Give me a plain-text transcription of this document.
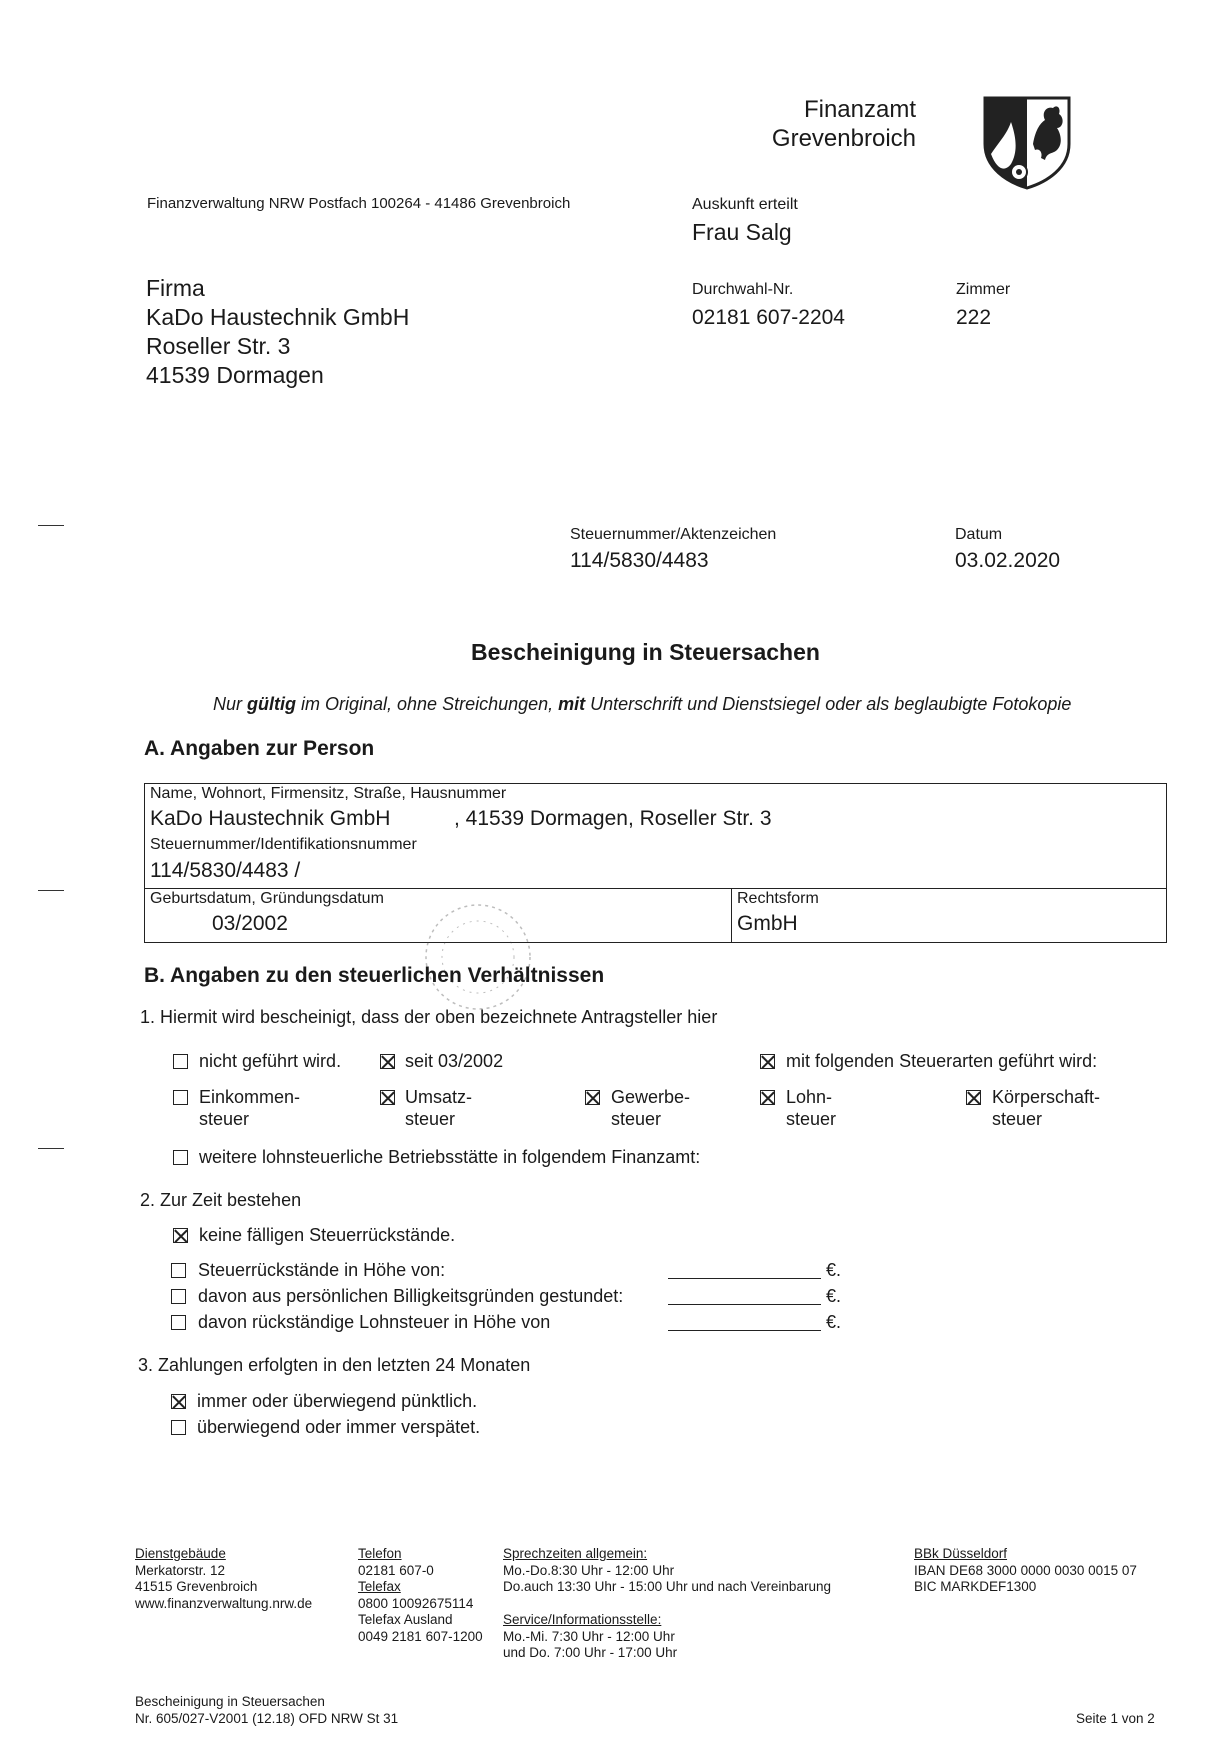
Finanzamt
Grevenbroich
Finanzverwaltung NRW Postfach 100264 - 41486 Grevenbroich	Auskunft erteilt
Frau Salg
Durchwahl-Nr.
02181 607-2204
Zimmer
222
Firma
KaDo Haustechnik GmbH
Roseller Str. 3
41539 Dormagen
Steuernummer/Aktenzeichen
114/5830/4483
Datum
03.02.2020
Bescheinigung in Steuersachen
Nur gültig im Original, ohne Streichungen, mit Unterschrift und Dienstsiegel oder als beglaubigte Fotokopie
A. Angaben zur Person
Name, Wohnort, Firmensitz, Straße, Hausnummer
KaDo Haustechnik GmbH	, 41539 Dormagen, Roseller Str. 3
Steuernummer/Identifikationsnummer
114/5830/4483 /
Geburtsdatum, Gründungsdatum
03/2002
Rechtsform
GmbH
B. Angaben zu den steuerlichen Verhältnissen
1. Hiermit wird bescheinigt, dass der oben bezeichnete Antragsteller hier
nicht geführt wird.	seit 03/2002	mit folgenden Steuerarten geführt wird:
Einkommen-
steuer
Umsatz-
steuer
Gewerbe-
steuer
Lohn-
steuer
Körperschaft-
steuer
weitere lohnsteuerliche Betriebsstätte in folgendem Finanzamt:
2. Zur Zeit bestehen
keine fälligen Steuerrückstände.
Steuerrückstände in Höhe von:	€.
davon aus persönlichen Billigkeitsgründen gestundet:	€.
davon rückständige Lohnsteuer in Höhe von	€.
3. Zahlungen erfolgten in den letzten 24 Monaten
immer oder überwiegend pünktlich.
überwiegend oder immer verspätet.
Dienstgebäude
Merkatorstr. 12
41515 Grevenbroich
www.finanzverwaltung.nrw.de
Telefon
02181 607-0
Telefax
0800 10092675114
Telefax Ausland
0049 2181 607-1200
Sprechzeiten allgemein:
Mo.-Do.8:30 Uhr - 12:00 Uhr
Do.auch 13:30 Uhr - 15:00 Uhr und nach Vereinbarung
Service/Informationsstelle:
Mo.-Mi. 7:30 Uhr - 12:00 Uhr
und Do. 7:00 Uhr - 17:00 Uhr
BBk Düsseldorf
IBAN DE68 3000 0000 0030 0015 07
BIC MARKDEF1300
Bescheinigung in Steuersachen
Nr. 605/027-V2001 (12.18) OFD NRW St 31	Seite 1 von 2
